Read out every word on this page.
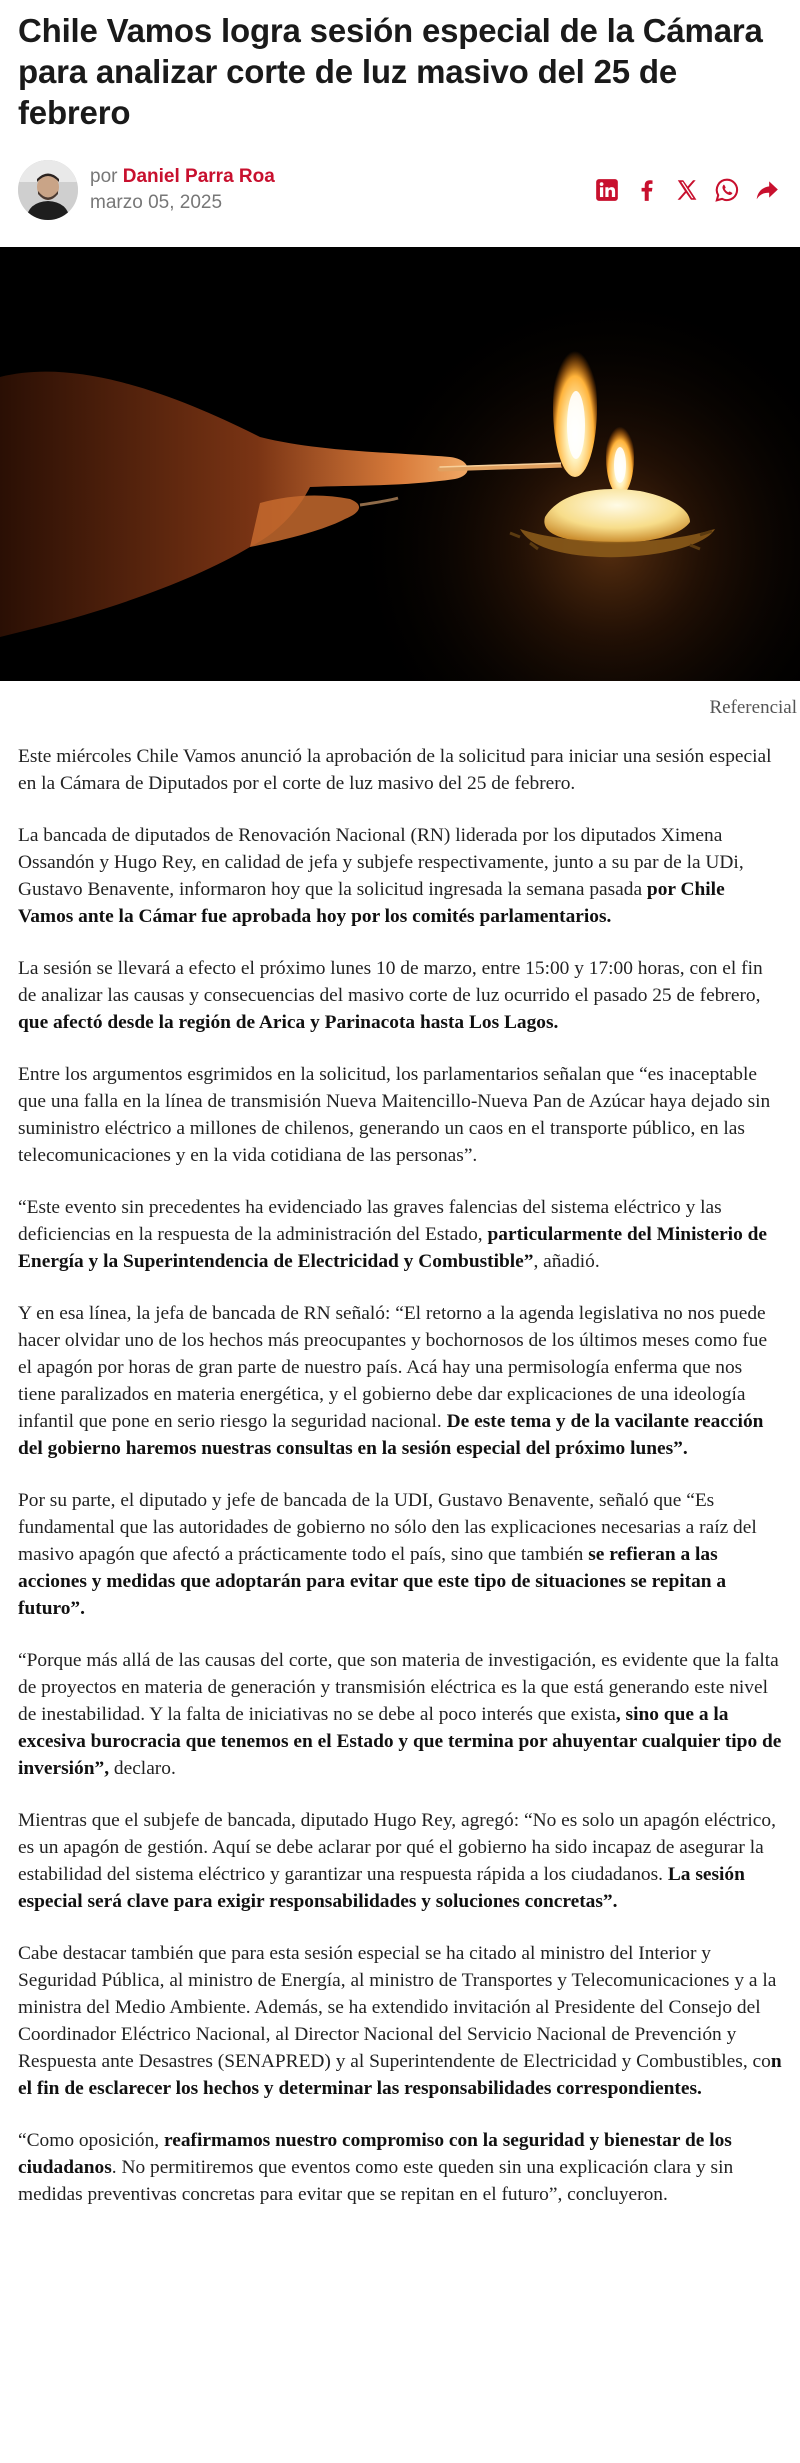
Chile Vamos logra sesión especial de la Cámara para analizar corte de luz masivo del 25 de febrero
por Daniel Parra Roa
marzo 05, 2025
Referencial

Este miércoles Chile Vamos anunció la aprobación de la solicitud para iniciar una sesión especial en la Cámara de Diputados por el corte de luz masivo del 25 de febrero.

La bancada de diputados de Renovación Nacional (RN) liderada por los diputados Ximena Ossandón y Hugo Rey, en calidad de jefa y subjefe respectivamente, junto a su par de la UDi, Gustavo Benavente, informaron hoy que la solicitud ingresada la semana pasada por Chile Vamos ante la Cámar fue aprobada hoy por los comités parlamentarios.

La sesión se llevará a efecto el próximo lunes 10 de marzo, entre 15:00 y 17:00 horas, con el fin de analizar las causas y consecuencias del masivo corte de luz ocurrido el pasado 25 de febrero, que afectó desde la región de Arica y Parinacota hasta Los Lagos.

Entre los argumentos esgrimidos en la solicitud, los parlamentarios señalan que “es inaceptable que una falla en la línea de transmisión Nueva Maitencillo-Nueva Pan de Azúcar haya dejado sin suministro eléctrico a millones de chilenos, generando un caos en el transporte público, en las telecomunicaciones y en la vida cotidiana de las personas”.

“Este evento sin precedentes ha evidenciado las graves falencias del sistema eléctrico y las deficiencias en la respuesta de la administración del Estado, particularmente del Ministerio de Energía y la Superintendencia de Electricidad y Combustible”, añadió.

Y en esa línea, la jefa de bancada de RN señaló: “El retorno a la agenda legislativa no nos puede hacer olvidar uno de los hechos más preocupantes y bochornosos de los últimos meses como fue el apagón por horas de gran parte de nuestro país. Acá hay una permisología enferma que nos tiene paralizados en materia energética, y el gobierno debe dar explicaciones de una ideología infantil que pone en serio riesgo la seguridad nacional. De este tema y de la vacilante reacción del gobierno haremos nuestras consultas en la sesión especial del próximo lunes”.

Por su parte, el diputado y jefe de bancada de la UDI, Gustavo Benavente, señaló que “Es fundamental que las autoridades de gobierno no sólo den las explicaciones necesarias a raíz del masivo apagón que afectó a prácticamente todo el país, sino que también se refieran a las acciones y medidas que adoptarán para evitar que este tipo de situaciones se repitan a futuro”.

“Porque más allá de las causas del corte, que son materia de investigación, es evidente que la falta de proyectos en materia de generación y transmisión eléctrica es la que está generando este nivel de inestabilidad. Y la falta de iniciativas no se debe al poco interés que exista, sino que a la excesiva burocracia que tenemos en el Estado y que termina por ahuyentar cualquier tipo de inversión”, declaro.

Mientras que el subjefe de bancada, diputado Hugo Rey, agregó: “No es solo un apagón eléctrico, es un apagón de gestión. Aquí se debe aclarar por qué el gobierno ha sido incapaz de asegurar la estabilidad del sistema eléctrico y garantizar una respuesta rápida a los ciudadanos. La sesión especial será clave para exigir responsabilidades y soluciones concretas”.

Cabe destacar también que para esta sesión especial se ha citado al ministro del Interior y Seguridad Pública, al ministro de Energía, al ministro de Transportes y Telecomunicaciones y a la ministra del Medio Ambiente. Además, se ha extendido invitación al Presidente del Consejo del Coordinador Eléctrico Nacional, al Director Nacional del Servicio Nacional de Prevención y Respuesta ante Desastres (SENAPRED) y al Superintendente de Electricidad y Combustibles, con el fin de esclarecer los hechos y determinar las responsabilidades correspondientes.

“Como oposición, reafirmamos nuestro compromiso con la seguridad y bienestar de los ciudadanos. No permitiremos que eventos como este queden sin una explicación clara y sin medidas preventivas concretas para evitar que se repitan en el futuro”, concluyeron.
